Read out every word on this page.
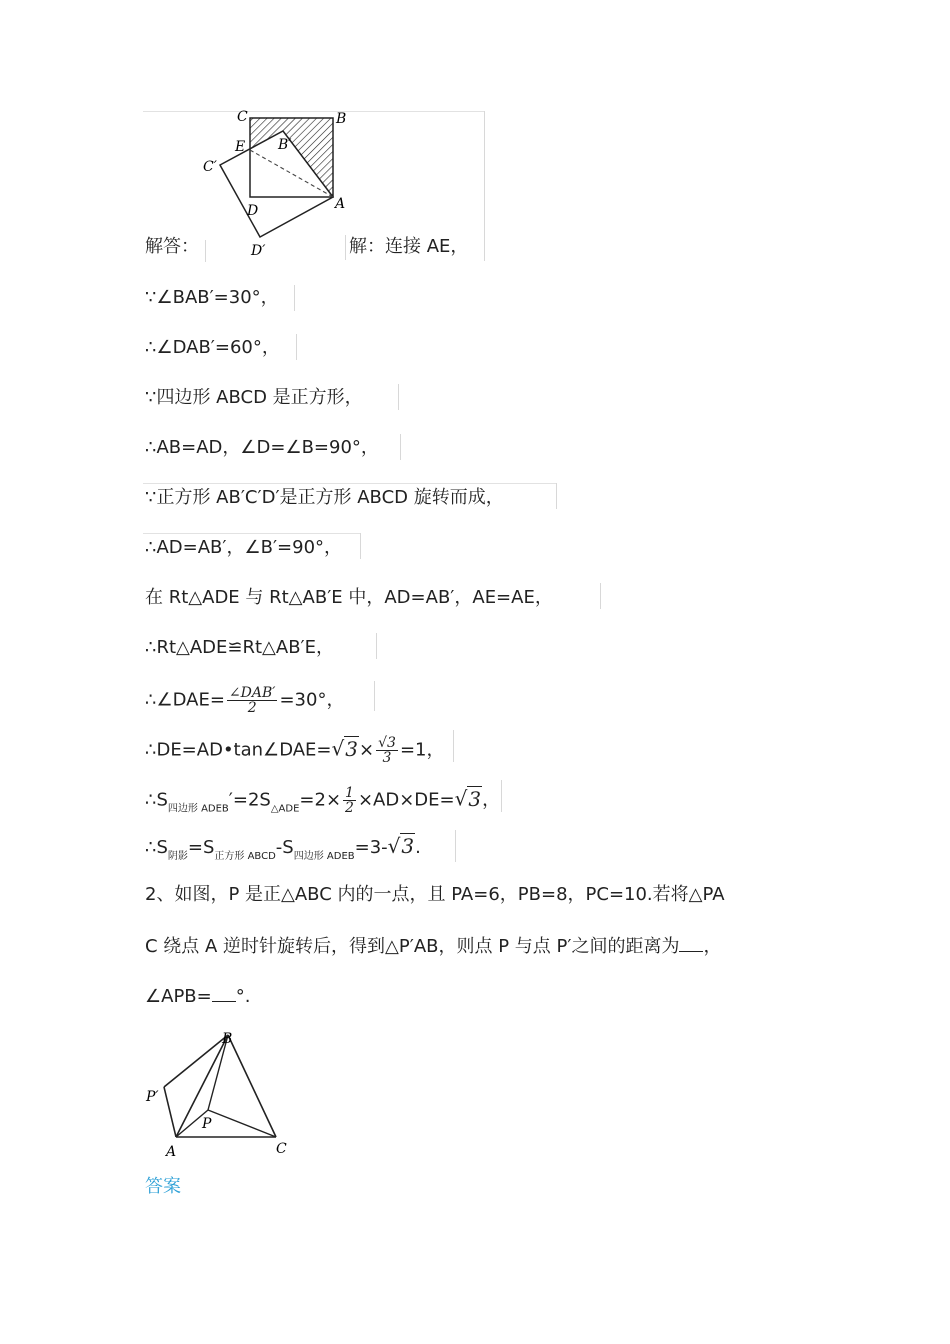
C	B
E B′
C′
D	A
D′
解答：	解：连接 AE，
∵∠BAB′=30°，
∴∠DAB′=60°，
∵四边形 ABCD 是正方形，
∴AB=AD，∠D=∠B=90°，
∵正方形 AB′C′D′是正方形 ABCD 旋转而成，
∴AD=AB′，∠B′=90°，
在 Rt△ADE 与 Rt△AB′E 中，AD=AB′，AE=AE，
∴Rt△ADE≌Rt△AB′E，
∴∠DAE= $\frac{\text{∠DAB′}}{2} =30^\circ$，
∴DE=AD•tan∠DAE=√3× $\frac{√3}{3} =1$，
$\therefore S_{四边形 ADEB}'=2S_{\triangle ADE}=2\times \frac{1}{2} \times AD\times DE=√3$，
$\therefore S_{阴影}=S_{正方形 ABCD}-S_{四边形 ADEB}=3-√3$.
2、如图，P 是正△ABC 内的一点，且 PA=6，PB=8，PC=10.若将△PA
C 绕点 A 逆时针旋转后，得到△P′AB，则点 P 与点 P′之间的距离为 ，
∠APB= °.
B
P′
P
A	C
答案
